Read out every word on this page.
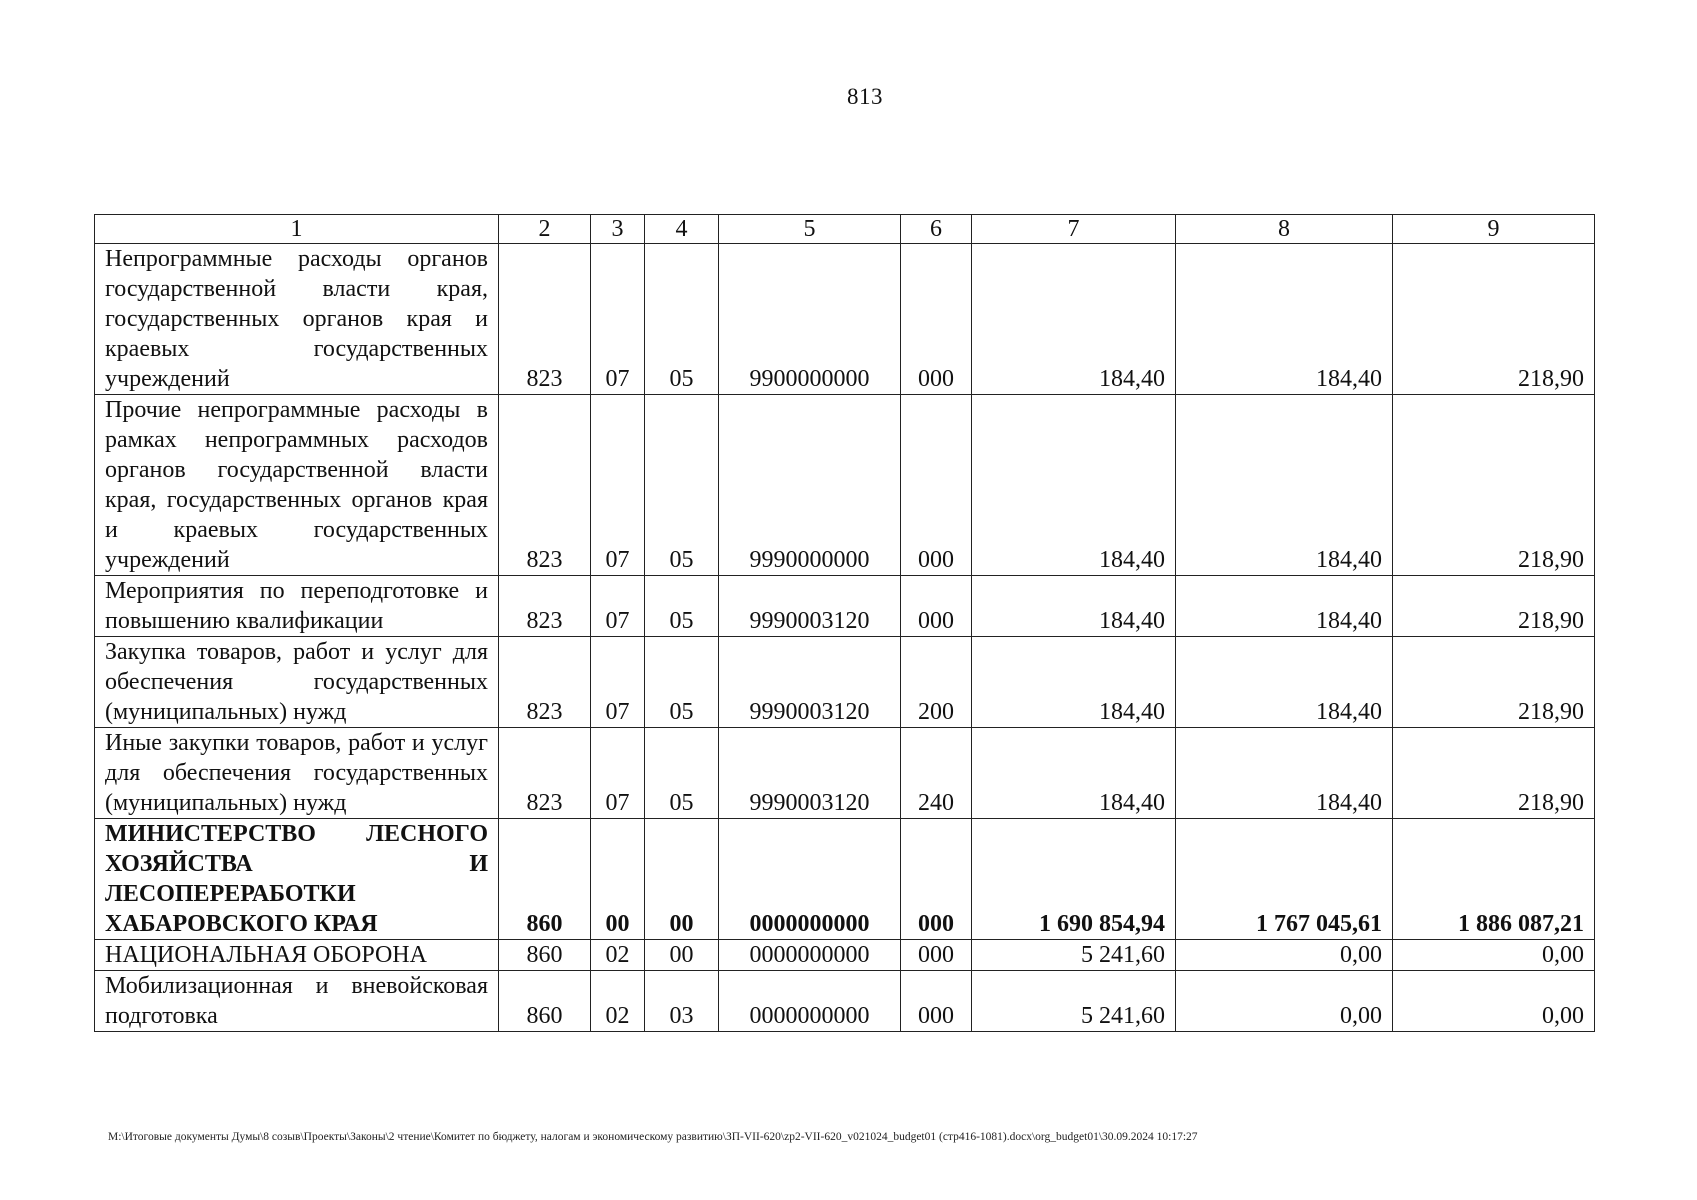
813
1	2	3	4	5	6	7	8	9
Непрограммные расходы органов государственной власти края, государственных органов края и краевых государственных учреждений	823	07	05	9900000000	000	184,40	184,40	218,90
Прочие непрограммные расходы в рамках непрограммных расходов органов государственной власти края, государственных органов края и краевых государственных учреждений	823	07	05	9990000000	000	184,40	184,40	218,90
Мероприятия по переподготовке и повышению квалификации	823	07	05	9990003120	000	184,40	184,40	218,90
Закупка товаров, работ и услуг для обеспечения государственных (муниципальных) нужд	823	07	05	9990003120	200	184,40	184,40	218,90
Иные закупки товаров, работ и услуг для обеспечения государственных (муниципальных) нужд	823	07	05	9990003120	240	184,40	184,40	218,90
МИНИСТЕРСТВО ЛЕСНОГО ХОЗЯЙСТВА И ЛЕСОПЕРЕРАБОТКИ ХАБАРОВСКОГО КРАЯ	860	00	00	0000000000	000	1 690 854,94	1 767 045,61	1 886 087,21
НАЦИОНАЛЬНАЯ ОБОРОНА	860	02	00	0000000000	000	5 241,60	0,00	0,00
Мобилизационная и вневойсковая подготовка	860	02	03	0000000000	000	5 241,60	0,00	0,00
M:\Итоговые документы Думы\8 созыв\Проекты\Законы\2 чтение\Комитет по бюджету, налогам и экономическому развитию\ЗП-VII-620\zp2-VII-620_v021024_budget01 (стр416-1081).docx\org_budget01\30.09.2024 10:17:27
